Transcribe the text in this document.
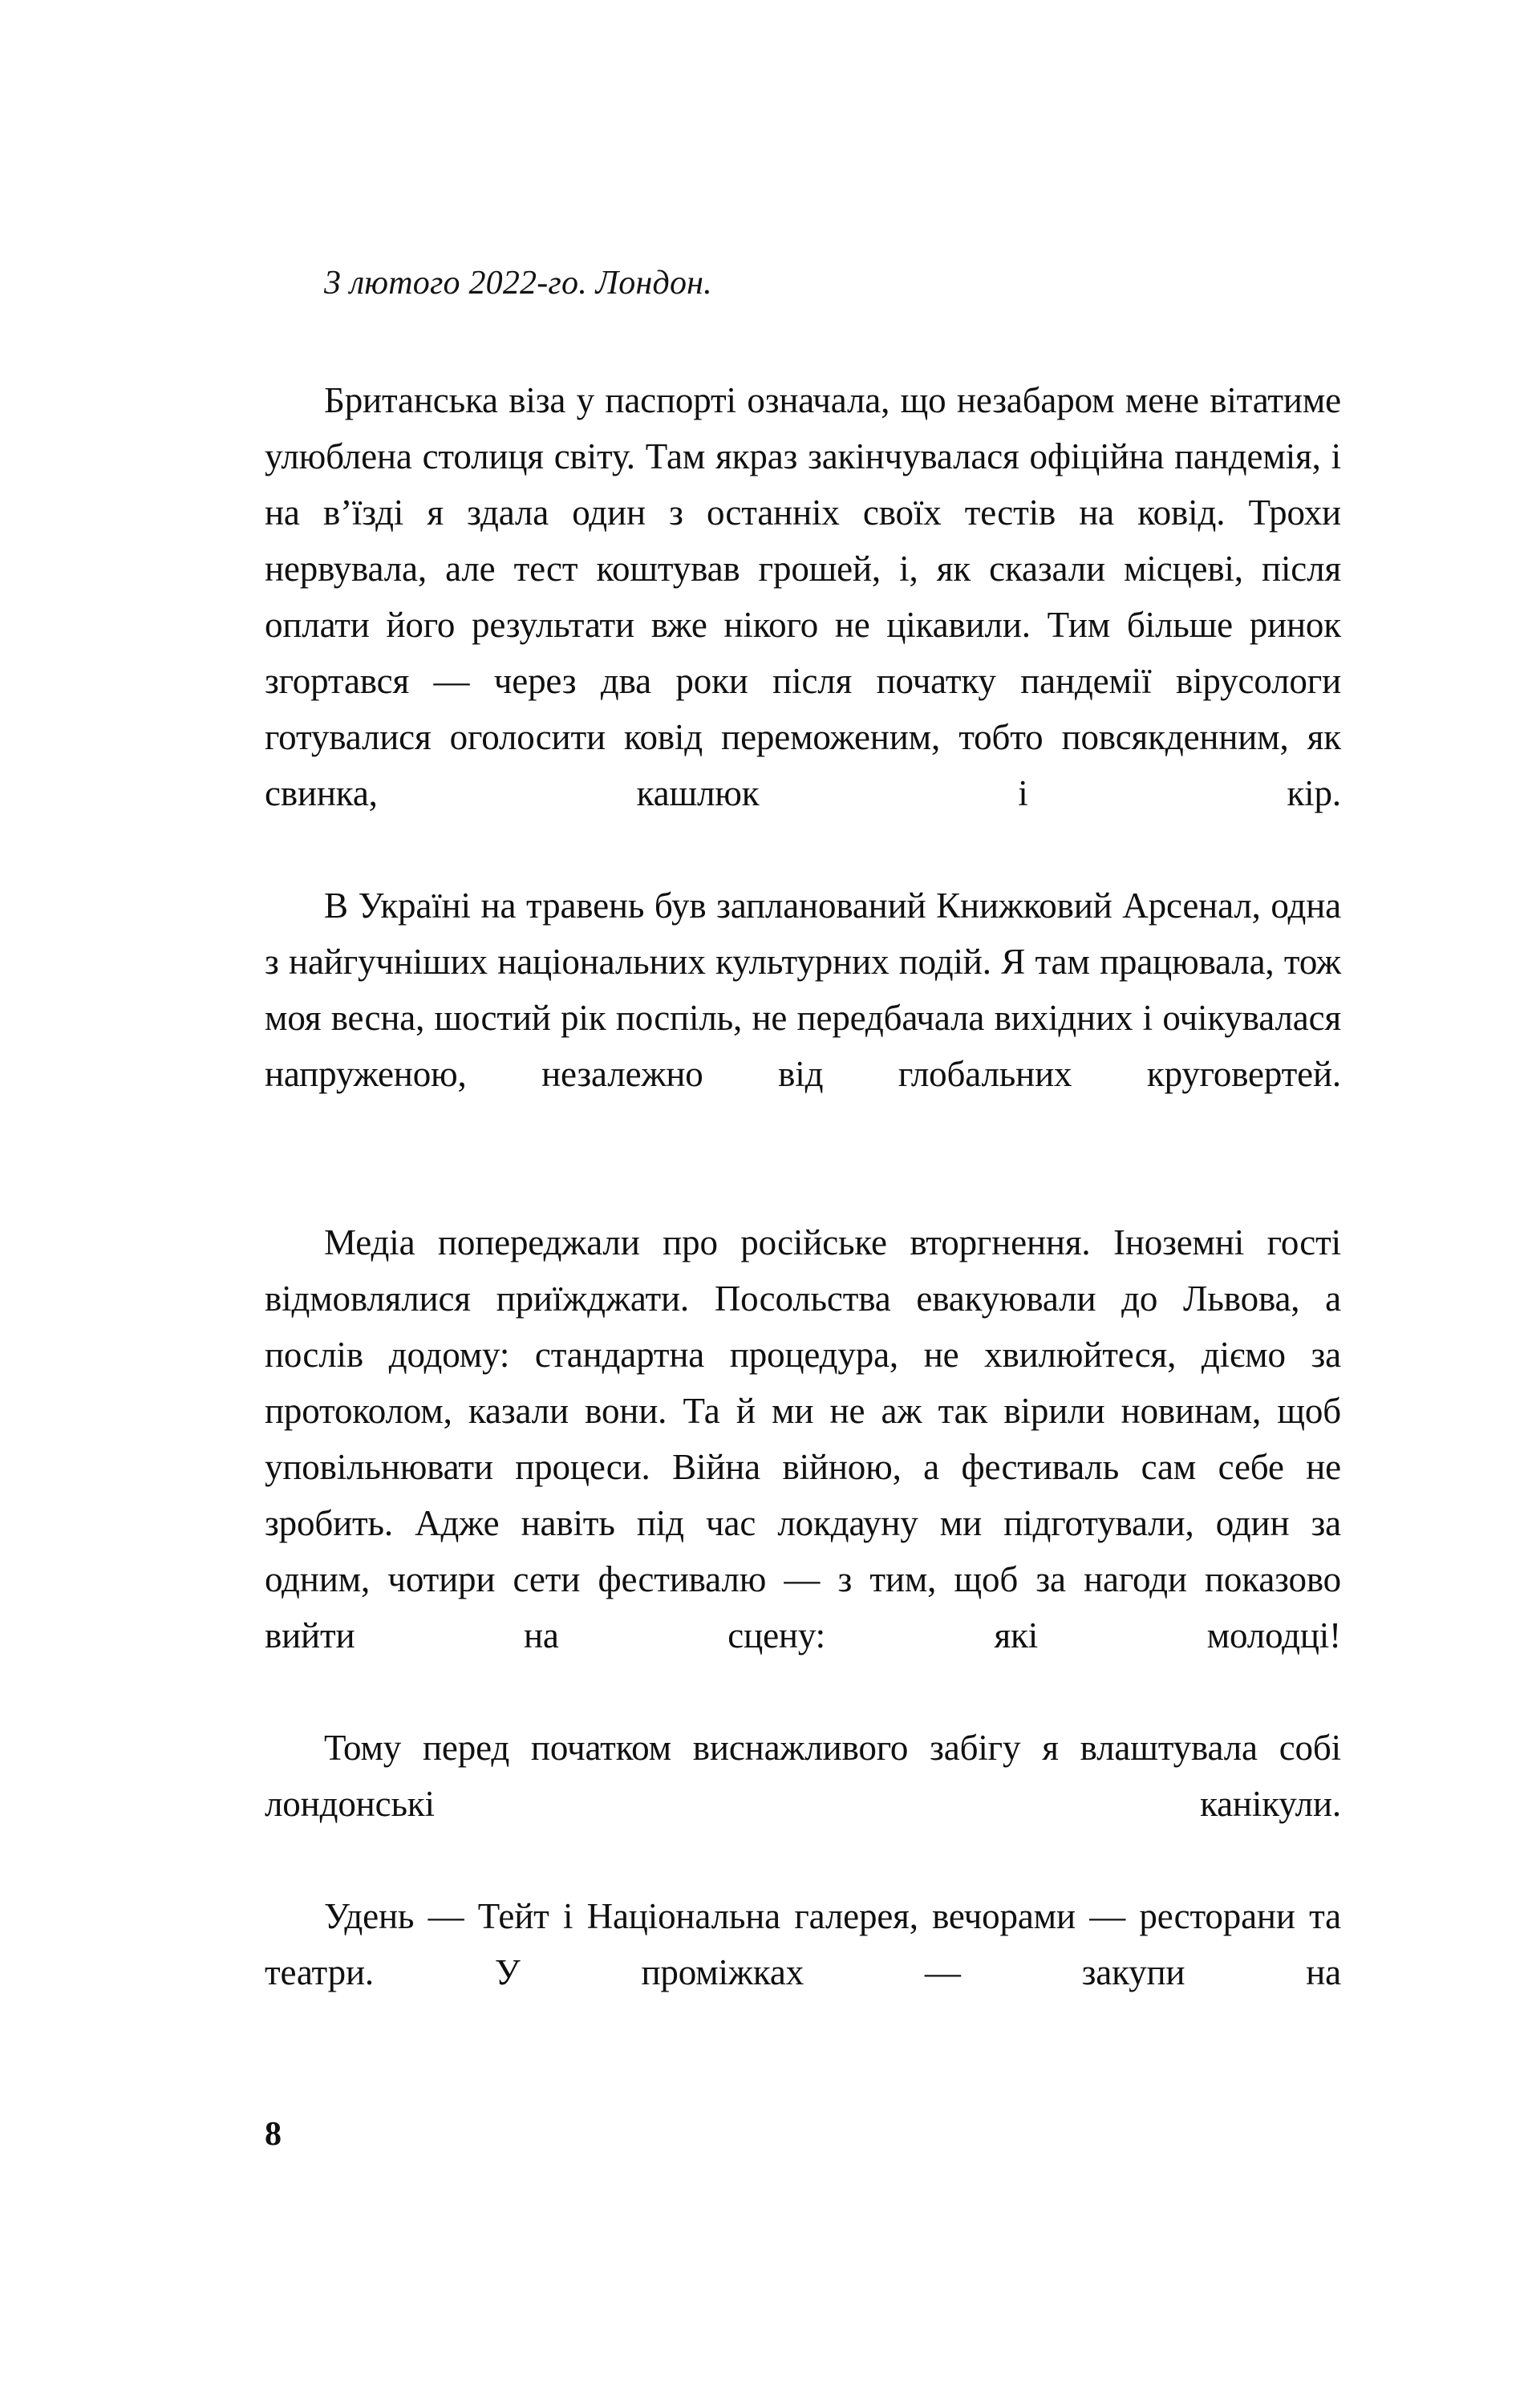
3 лютого 2022-го. Лондон.

Британська віза у паспорті означала, що незабаром мене вітатиме улюблена столиця світу. Там якраз закінчувалася офіційна пандемія, і на в’їзді я здала один з останніх своїх тестів на ковід. Трохи нервувала, але тест коштував грошей, і, як сказали місцеві, після оплати його результати вже нікого не цікавили. Тим більше ринок згортався — через два роки після початку пандемії вірусологи готувалися оголосити ковід переможеним, тобто повсякденним, як свинка, кашлюк і кір.

В Україні на травень був запланований Книжковий Арсенал, одна з найгучніших національних культурних подій. Я там працювала, тож моя весна, шостий рік поспіль, не передбачала вихідних і очікувалася напруженою, незалежно від глобальних круговертей.

Медіа попереджали про російське вторгнення. Іноземні гості відмовлялися приїжджати. Посольства евакуювали до Львова, а послів додому: стандартна процедура, не хвилюйтеся, діємо за протоколом, казали вони. Та й ми не аж так вірили новинам, щоб уповільнювати процеси. Війна війною, а фестиваль сам себе не зробить. Адже навіть під час локдауну ми підготували, один за одним, чотири сети фестивалю — з тим, щоб за нагоди показово вийти на сцену: які молодці!

Тому перед початком виснажливого забігу я влаштувала собі лондонські канікули.

Удень — Тейт і Національна галерея, вечорами — ресторани та театри. У проміжках — закупи на

8
